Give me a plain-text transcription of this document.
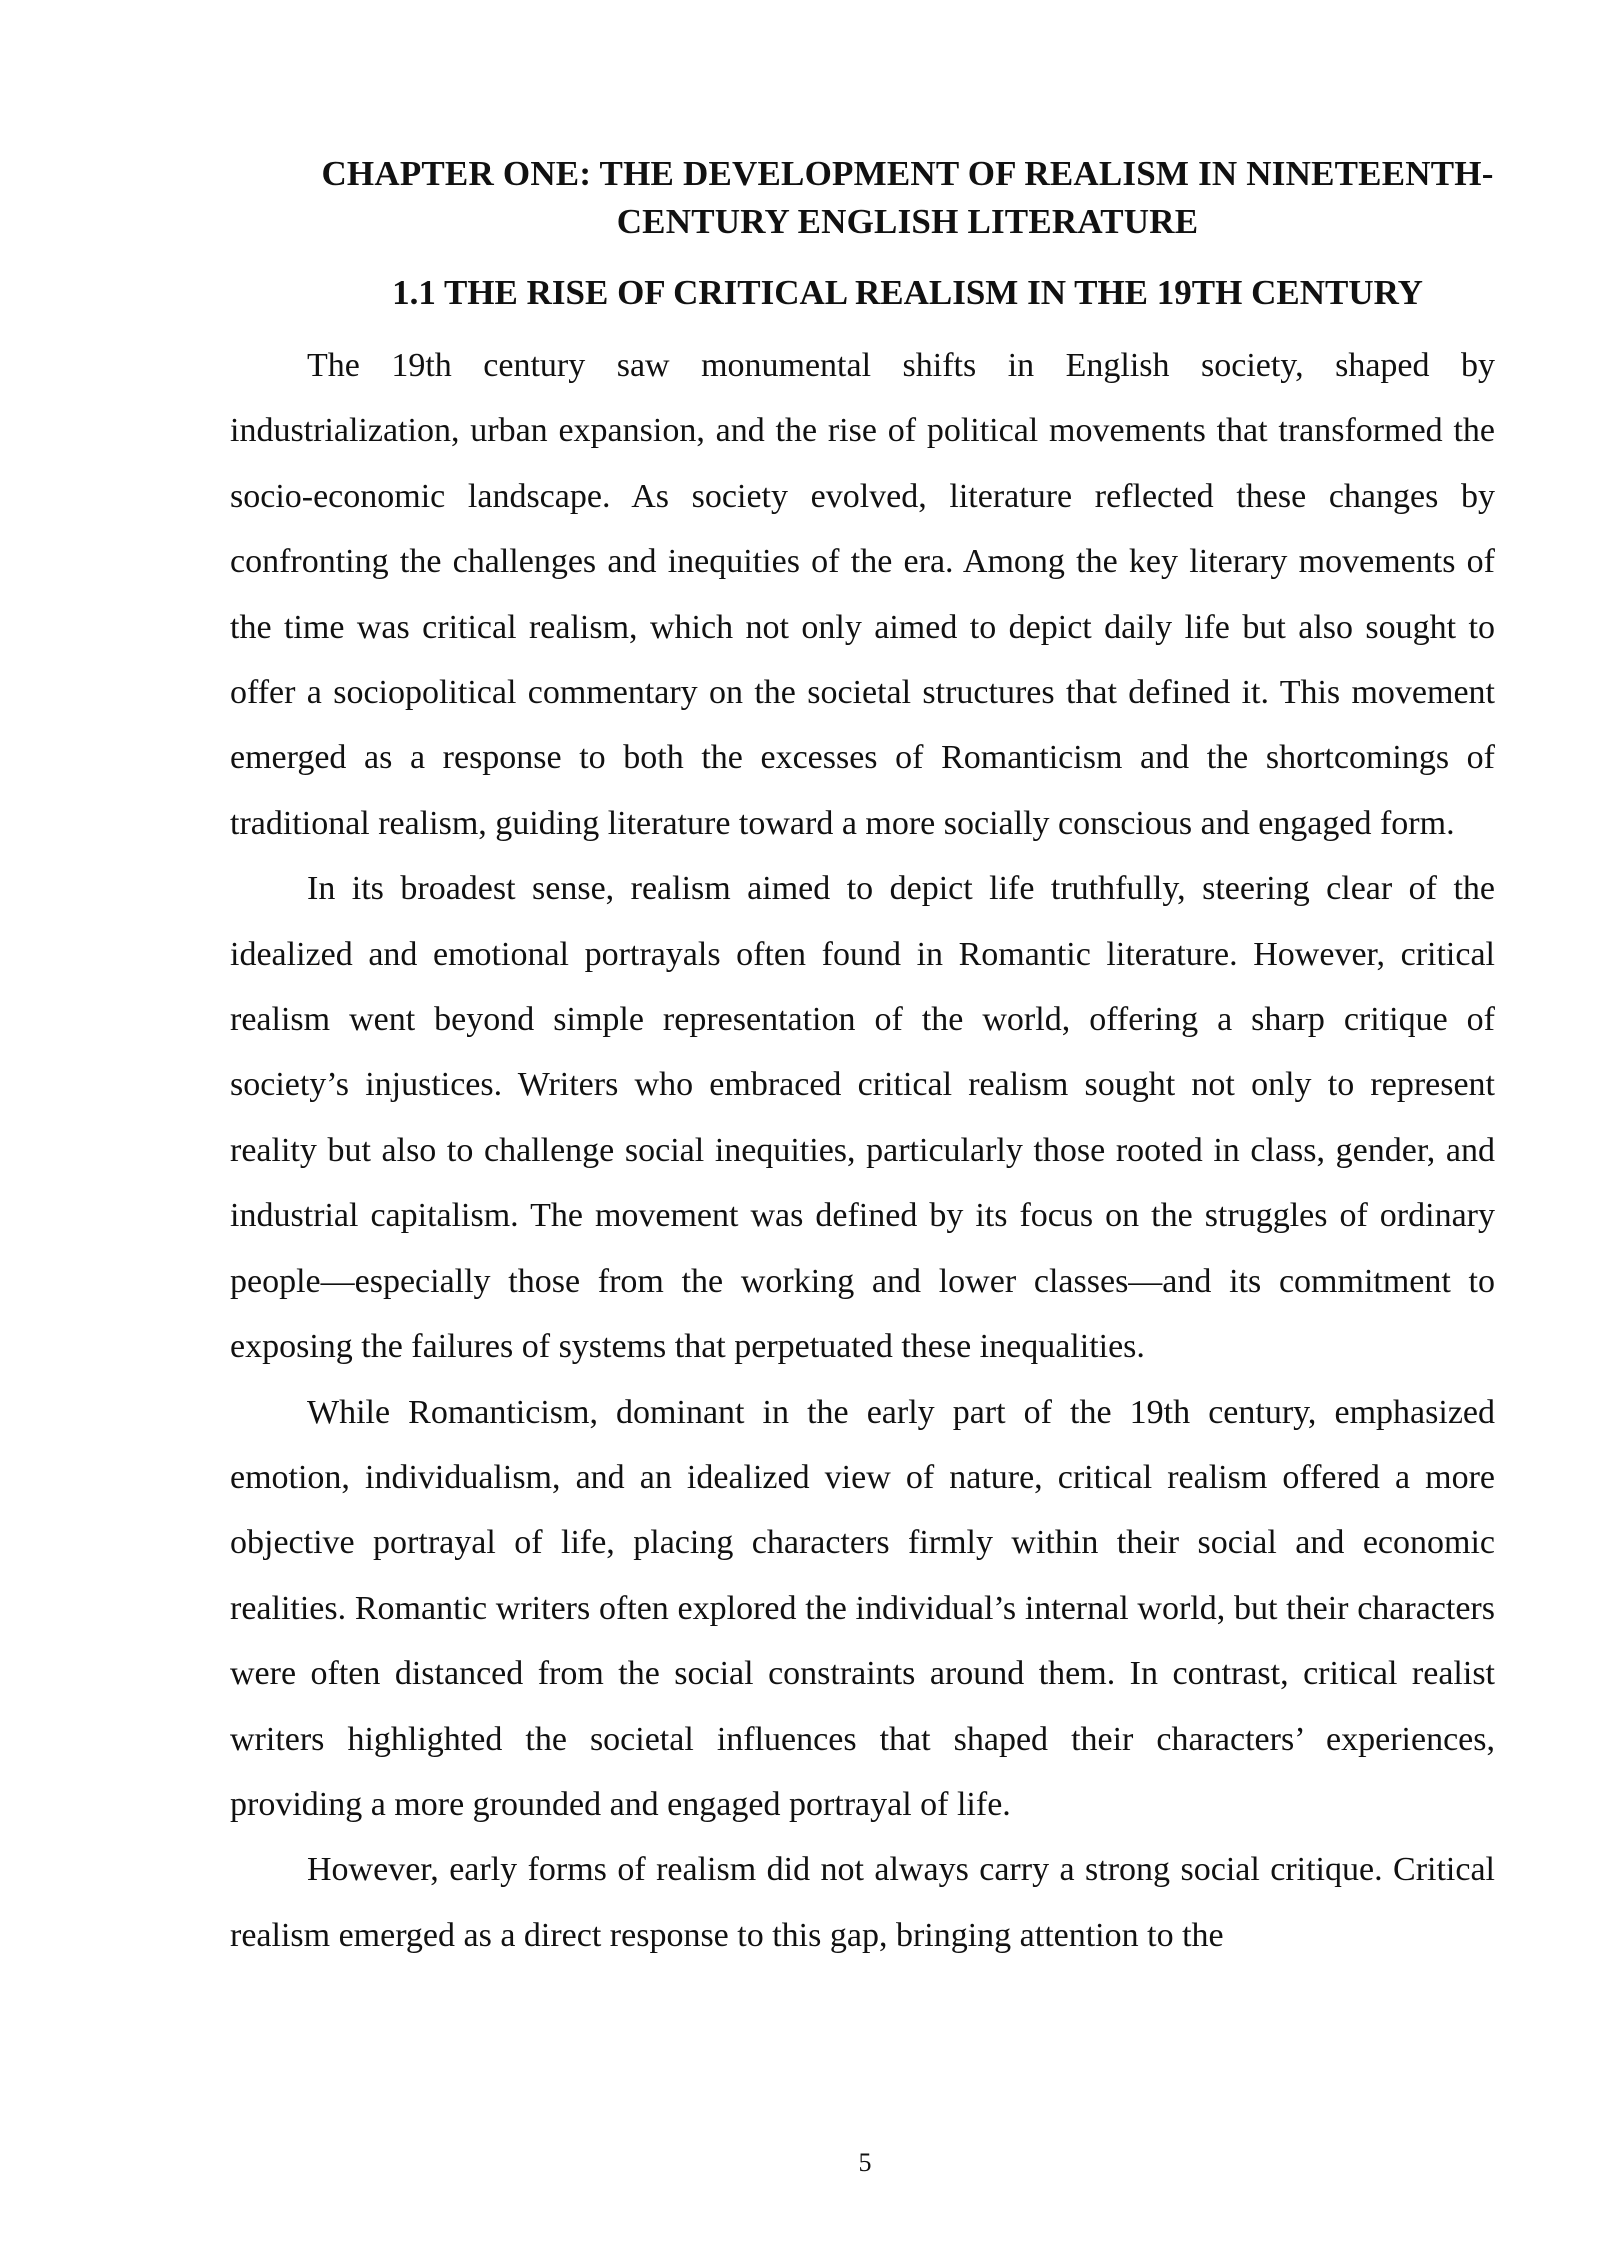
CHAPTER ONE: THE DEVELOPMENT OF REALISM IN NINETEENTH-
CENTURY ENGLISH LITERATURE
1.1 THE RISE OF CRITICAL REALISM IN THE 19TH CENTURY

The 19th century saw monumental shifts in English society, shaped by industrialization, urban expansion, and the rise of political movements that transformed the socio-economic landscape. As society evolved, literature reflected these changes by confronting the challenges and inequities of the era. Among the key literary movements of the time was critical realism, which not only aimed to depict daily life but also sought to offer a sociopolitical commentary on the societal structures that defined it. This movement emerged as a response to both the excesses of Romanticism and the shortcomings of traditional realism, guiding literature toward a more socially conscious and engaged form.

In its broadest sense, realism aimed to depict life truthfully, steering clear of the idealized and emotional portrayals often found in Romantic literature. However, critical realism went beyond simple representation of the world, offering a sharp critique of society’s injustices. Writers who embraced critical realism sought not only to represent reality but also to challenge social inequities, particularly those rooted in class, gender, and industrial capitalism. The movement was defined by its focus on the struggles of ordinary people—especially those from the working and lower classes—and its commitment to exposing the failures of systems that perpetuated these inequalities.

While Romanticism, dominant in the early part of the 19th century, emphasized emotion, individualism, and an idealized view of nature, critical realism offered a more objective portrayal of life, placing characters firmly within their social and economic realities. Romantic writers often explored the individual’s internal world, but their characters were often distanced from the social constraints around them. In contrast, critical realist writers highlighted the societal influences that shaped their characters’ experiences, providing a more grounded and engaged portrayal of life.

However, early forms of realism did not always carry a strong social critique. Critical realism emerged as a direct response to this gap, bringing attention to the

5
